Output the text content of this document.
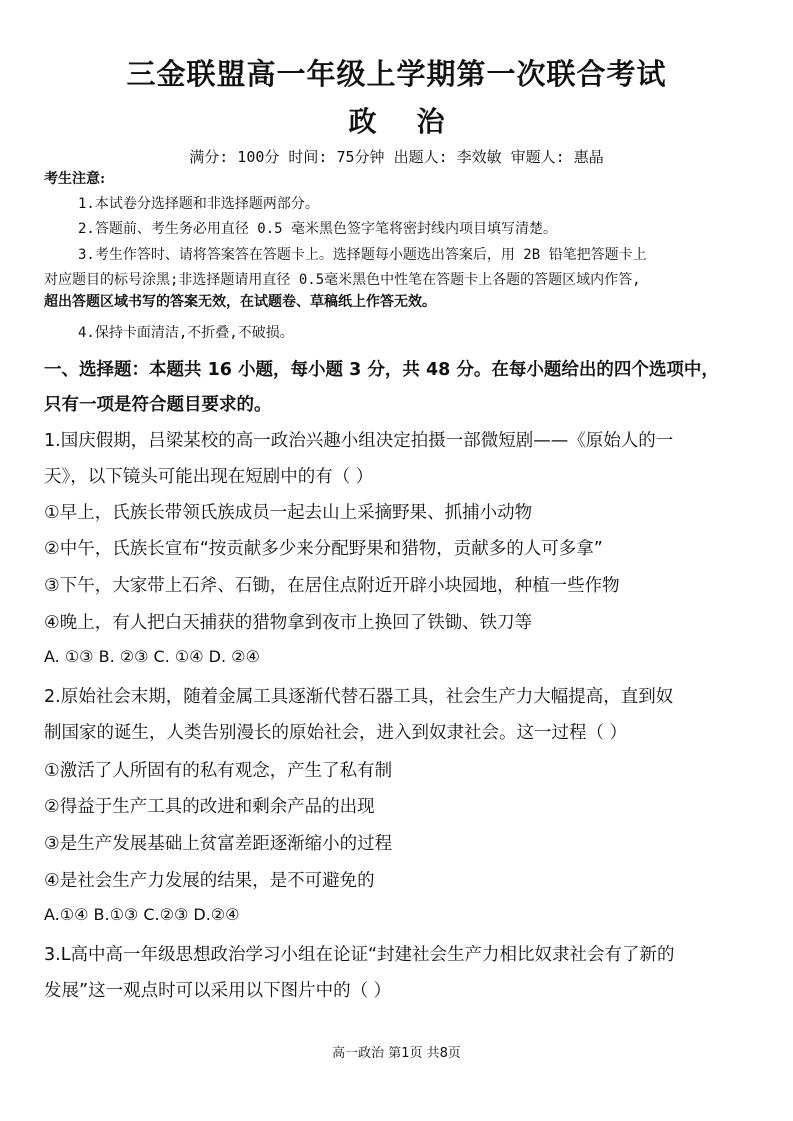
三金联盟高一年级上学期第一次联合考试
政治
满分: 100分 时间: 75分钟 出题人: 李效敏 审题人: 惠晶
考生注意:
1.本试卷分选择题和非选择题两部分。
2.答题前、考生务必用直径 0.5 毫米黑色签字笔将密封线内项目填写清楚。
3.考生作答时、请将答案答在答题卡上。选择题每小题选出答案后，用 2B 铅笔把答题卡上
对应题目的标号涂黑;非选择题请用直径 0.5毫米黑色中性笔在答题卡上各题的答题区域内作答,
超出答题区域书写的答案无效，在试题卷、草稿纸上作答无效。
4.保持卡面清洁,不折叠,不破损。
一、选择题：本题共 16 小题，每小题 3 分，共 48 分。在每小题给出的四个选项中，
只有一项是符合题目要求的。
1.国庆假期，吕梁某校的高一政治兴趣小组决定拍摄一部微短剧——《原始人的一
天》，以下镜头可能出现在短剧中的有（ ）
①早上，氏族长带领氏族成员一起去山上采摘野果、抓捕小动物
②中午，氏族长宣布“按贡献多少来分配野果和猎物，贡献多的人可多拿”
③下午，大家带上石斧、石锄，在居住点附近开辟小块园地，种植一些作物
④晚上，有人把白天捕获的猎物拿到夜市上换回了铁锄、铁刀等
A. ①③ B. ②③ C. ①④ D. ②④
2.原始社会末期，随着金属工具逐渐代替石器工具，社会生产力大幅提高，直到奴
制国家的诞生，人类告别漫长的原始社会，进入到奴隶社会。这一过程（ ）
①激活了人所固有的私有观念，产生了私有制
②得益于生产工具的改进和剩余产品的出现
③是生产发展基础上贫富差距逐渐缩小的过程
④是社会生产力发展的结果，是不可避免的
A.①④ B.①③ C.②③ D.②④
3.L高中高一年级思想政治学习小组在论证“封建社会生产力相比奴隶社会有了新的
发展”这一观点时可以采用以下图片中的（ ）
高一政治 第1页 共8页
